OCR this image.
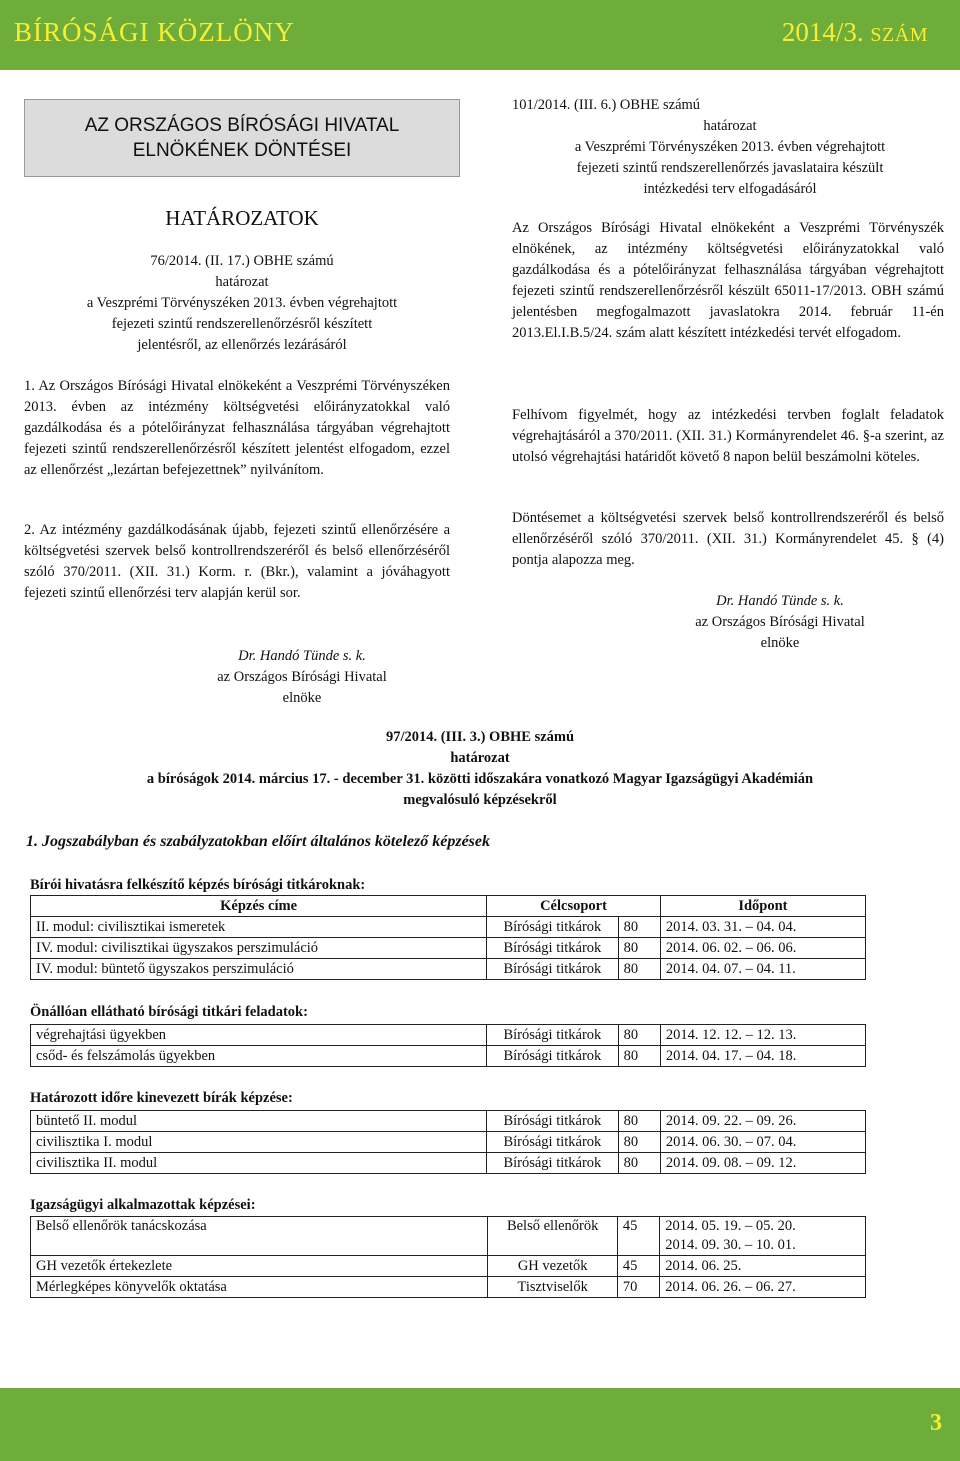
BÍRÓSÁGI KÖZLÖNY	2014/3. SZÁM
AZ ORSZÁGOS BÍRÓSÁGI HIVATAL
ELNÖKÉNEK DÖNTÉSEI
HATÁROZATOK
76/2014. (II. 17.) OBHE számú
határozat
a Veszprémi Törvényszéken 2013. évben végrehajtott
fejezeti szintű rendszerellenőrzésről készített
jelentésről, az ellenőrzés lezárásáról
1. Az Országos Bírósági Hivatal elnökeként a Veszprémi Törvényszéken 2013. évben az intézmény költségvetési előirányzatokkal való gazdálkodása és a pótelőirányzat felhasználása tárgyában végrehajtott fejezeti szintű rendszerellenőrzésről készített jelentést elfogadom, ezzel az ellenőrzést „lezártan befejezettnek” nyilvánítom.
2. Az intézmény gazdálkodásának újabb, fejezeti szintű ellenőrzésére a költségvetési szervek belső kontrollrendszeréről és belső ellenőrzéséről szóló 370/2011. (XII. 31.) Korm. r. (Bkr.), valamint a jóváhagyott fejezeti szintű ellenőrzési terv alapján kerül sor.
Dr. Handó Tünde s. k.
az Országos Bírósági Hivatal
elnöke
101/2014. (III. 6.) OBHE számú
határozat
a Veszprémi Törvényszéken 2013. évben végrehajtott
fejezeti szintű rendszerellenőrzés javaslataira készült
intézkedési terv elfogadásáról
Az Országos Bírósági Hivatal elnökeként a Veszprémi Törvényszék elnökének, az intézmény költségvetési előirányzatokkal való gazdálkodása és a pótelőirányzat felhasználása tárgyában végrehajtott fejezeti szintű rendszerellenőrzésről készült 65011-17/2013. OBH számú jelentésben megfogalmazott javaslatokra 2014. február 11-én 2013.El.I.B.5/24. szám alatt készített intézkedési tervét elfogadom.
Felhívom figyelmét, hogy az intézkedési tervben foglalt feladatok végrehajtásáról a 370/2011. (XII. 31.) Kormányrendelet 46. §-a szerint, az utolsó végrehajtási határidőt követő 8 napon belül beszámolni köteles.
Döntésemet a költségvetési szervek belső kontrollrendszeréről és belső ellenőrzéséről szóló 370/2011. (XII. 31.) Kormányrendelet 45. § (4) pontja alapozza meg.
Dr. Handó Tünde s. k.
az Országos Bírósági Hivatal
elnöke
97/2014. (III. 3.) OBHE számú
határozat
a bíróságok 2014. március 17. - december 31. közötti időszakára vonatkozó Magyar Igazságügyi Akadémián
megvalósuló képzésekről
1. Jogszabályban és szabályzatokban előírt általános kötelező képzések
Bírói hivatásra felkészítő képzés bírósági titkároknak:
Képzés címe	Célcsoport		Időpont
II. modul: civilisztikai ismeretek	Bírósági titkárok	80	2014. 03. 31. – 04. 04.
IV. modul: civilisztikai ügyszakos perszimuláció	Bírósági titkárok	80	2014. 06. 02. – 06. 06.
IV. modul: büntető ügyszakos perszimuláció	Bírósági titkárok	80	2014. 04. 07. – 04. 11.
Önállóan ellátható bírósági titkári feladatok:
végrehajtási ügyekben	Bírósági titkárok	80	2014. 12. 12. – 12. 13.
csőd- és felszámolás ügyekben	Bírósági titkárok	80	2014. 04. 17. – 04. 18.
Határozott időre kinevezett bírák képzése:
büntető II. modul	Bírósági titkárok	80	2014. 09. 22. – 09. 26.
civilisztika I. modul	Bírósági titkárok	80	2014. 06. 30. – 07. 04.
civilisztika II. modul	Bírósági titkárok	80	2014. 09. 08. – 09. 12.
Igazságügyi alkalmazottak képzései:
Belső ellenőrök tanácskozása	Belső ellenőrök	45	2014. 05. 19. – 05. 20.
2014. 09. 30. – 10. 01.

GH vezetők értekezlete	GH vezetők	45	2014. 06. 25.
Mérlegképes könyvelők oktatása	Tisztviselők	70	2014. 06. 26. – 06. 27.
3
